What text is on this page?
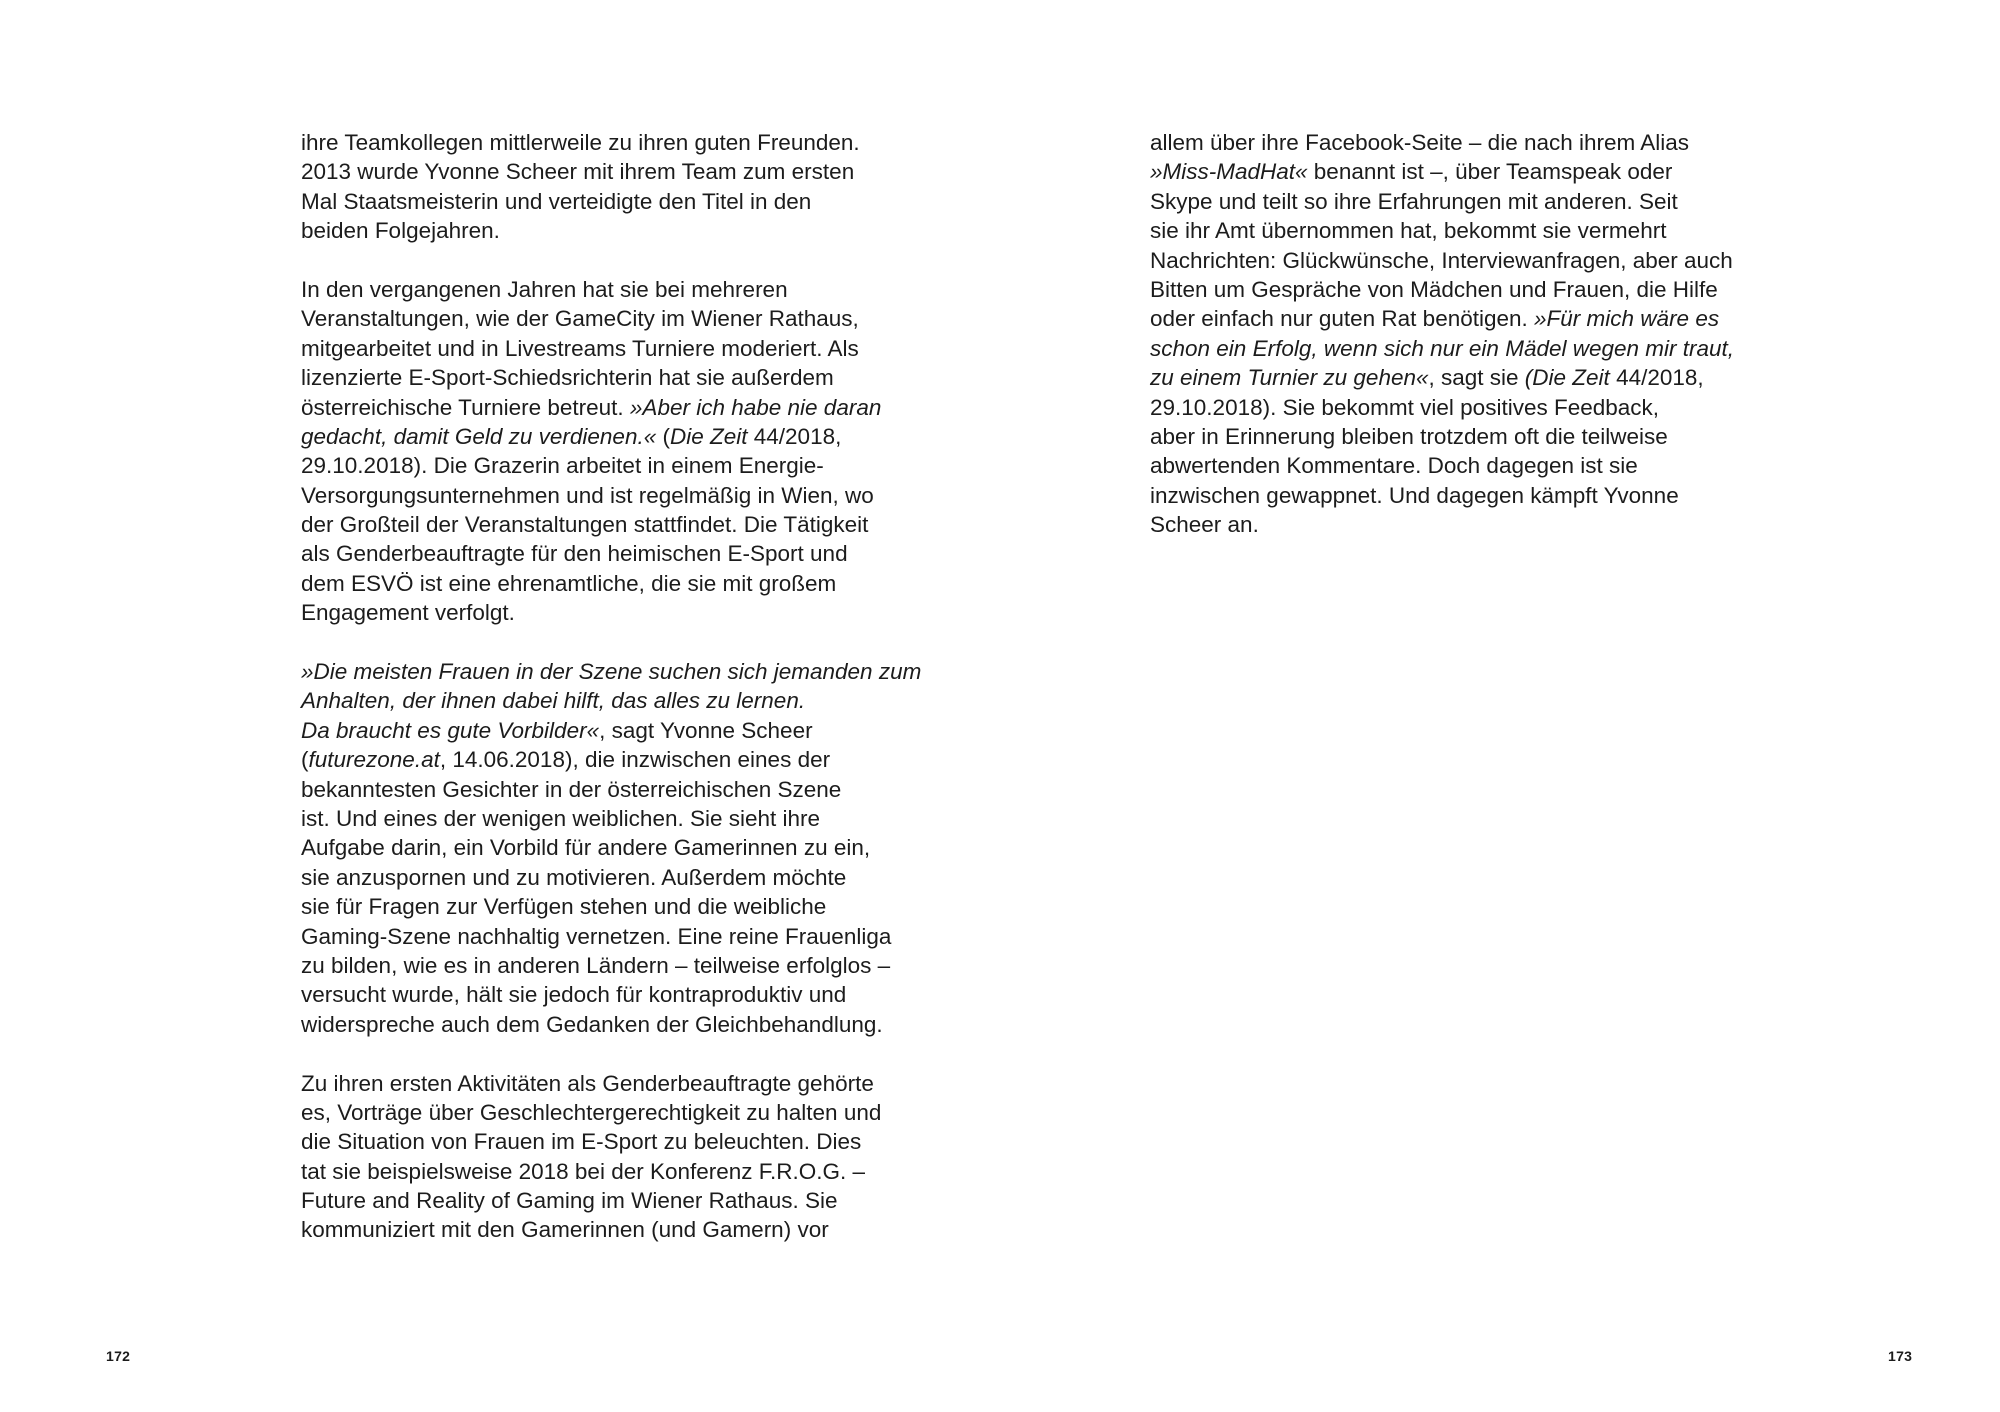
ihre Teamkollegen mittlerweile zu ihren guten Freunden.
2013 wurde Yvonne Scheer mit ihrem Team zum ersten
Mal Staatsmeisterin und verteidigte den Titel in den
beiden Folgejahren.
In den vergangenen Jahren hat sie bei mehreren
Veranstaltungen, wie der GameCity im Wiener Rathaus,
mitgearbeitet und in Livestreams Turniere moderiert. Als
lizenzierte E-Sport-Schiedsrichterin hat sie außerdem
österreichische Turniere betreut. »Aber ich habe nie daran
gedacht, damit Geld zu verdienen.« (Die Zeit 44/2018,
29.10.2018). Die Grazerin arbeitet in einem Energie-
Versorgungsunternehmen und ist regelmäßig in Wien, wo
der Großteil der Veranstaltungen stattfindet. Die Tätigkeit
als Genderbeauftragte für den heimischen E-Sport und
dem ESVÖ ist eine ehrenamtliche, die sie mit großem
Engagement verfolgt.
»Die meisten Frauen in der Szene suchen sich jemanden zum
Anhalten, der ihnen dabei hilft, das alles zu lernen.
Da braucht es gute Vorbilder«, sagt Yvonne Scheer
(futurezone.at, 14.06.2018), die inzwischen eines der
bekanntesten Gesichter in der österreichischen Szene
ist. Und eines der wenigen weiblichen. Sie sieht ihre
Aufgabe darin, ein Vorbild für andere Gamerinnen zu ein,
sie anzuspornen und zu motivieren. Außerdem möchte
sie für Fragen zur Verfügen stehen und die weibliche
Gaming-Szene nachhaltig vernetzen. Eine reine Frauenliga
zu bilden, wie es in anderen Ländern – teilweise erfolglos –
versucht wurde, hält sie jedoch für kontraproduktiv und
widerspreche auch dem Gedanken der Gleichbehandlung.
Zu ihren ersten Aktivitäten als Genderbeauftragte gehörte
es, Vorträge über Geschlechtergerechtigkeit zu halten und
die Situation von Frauen im E-Sport zu beleuchten. Dies
tat sie beispielsweise 2018 bei der Konferenz F.R.O.G. –
Future and Reality of Gaming im Wiener Rathaus. Sie
kommuniziert mit den Gamerinnen (und Gamern) vor
172
allem über ihre Facebook-Seite – die nach ihrem Alias
»Miss-MadHat« benannt ist –, über Teamspeak oder
Skype und teilt so ihre Erfahrungen mit anderen. Seit
sie ihr Amt übernommen hat, bekommt sie vermehrt
Nachrichten: Glückwünsche, Interviewanfragen, aber auch
Bitten um Gespräche von Mädchen und Frauen, die Hilfe
oder einfach nur guten Rat benötigen. »Für mich wäre es
schon ein Erfolg, wenn sich nur ein Mädel wegen mir traut,
zu einem Turnier zu gehen«, sagt sie (Die Zeit 44/2018,
29.10.2018). Sie bekommt viel positives Feedback,
aber in Erinnerung bleiben trotzdem oft die teilweise
abwertenden Kommentare. Doch dagegen ist sie
inzwischen gewappnet. Und dagegen kämpft Yvonne
Scheer an.
173
